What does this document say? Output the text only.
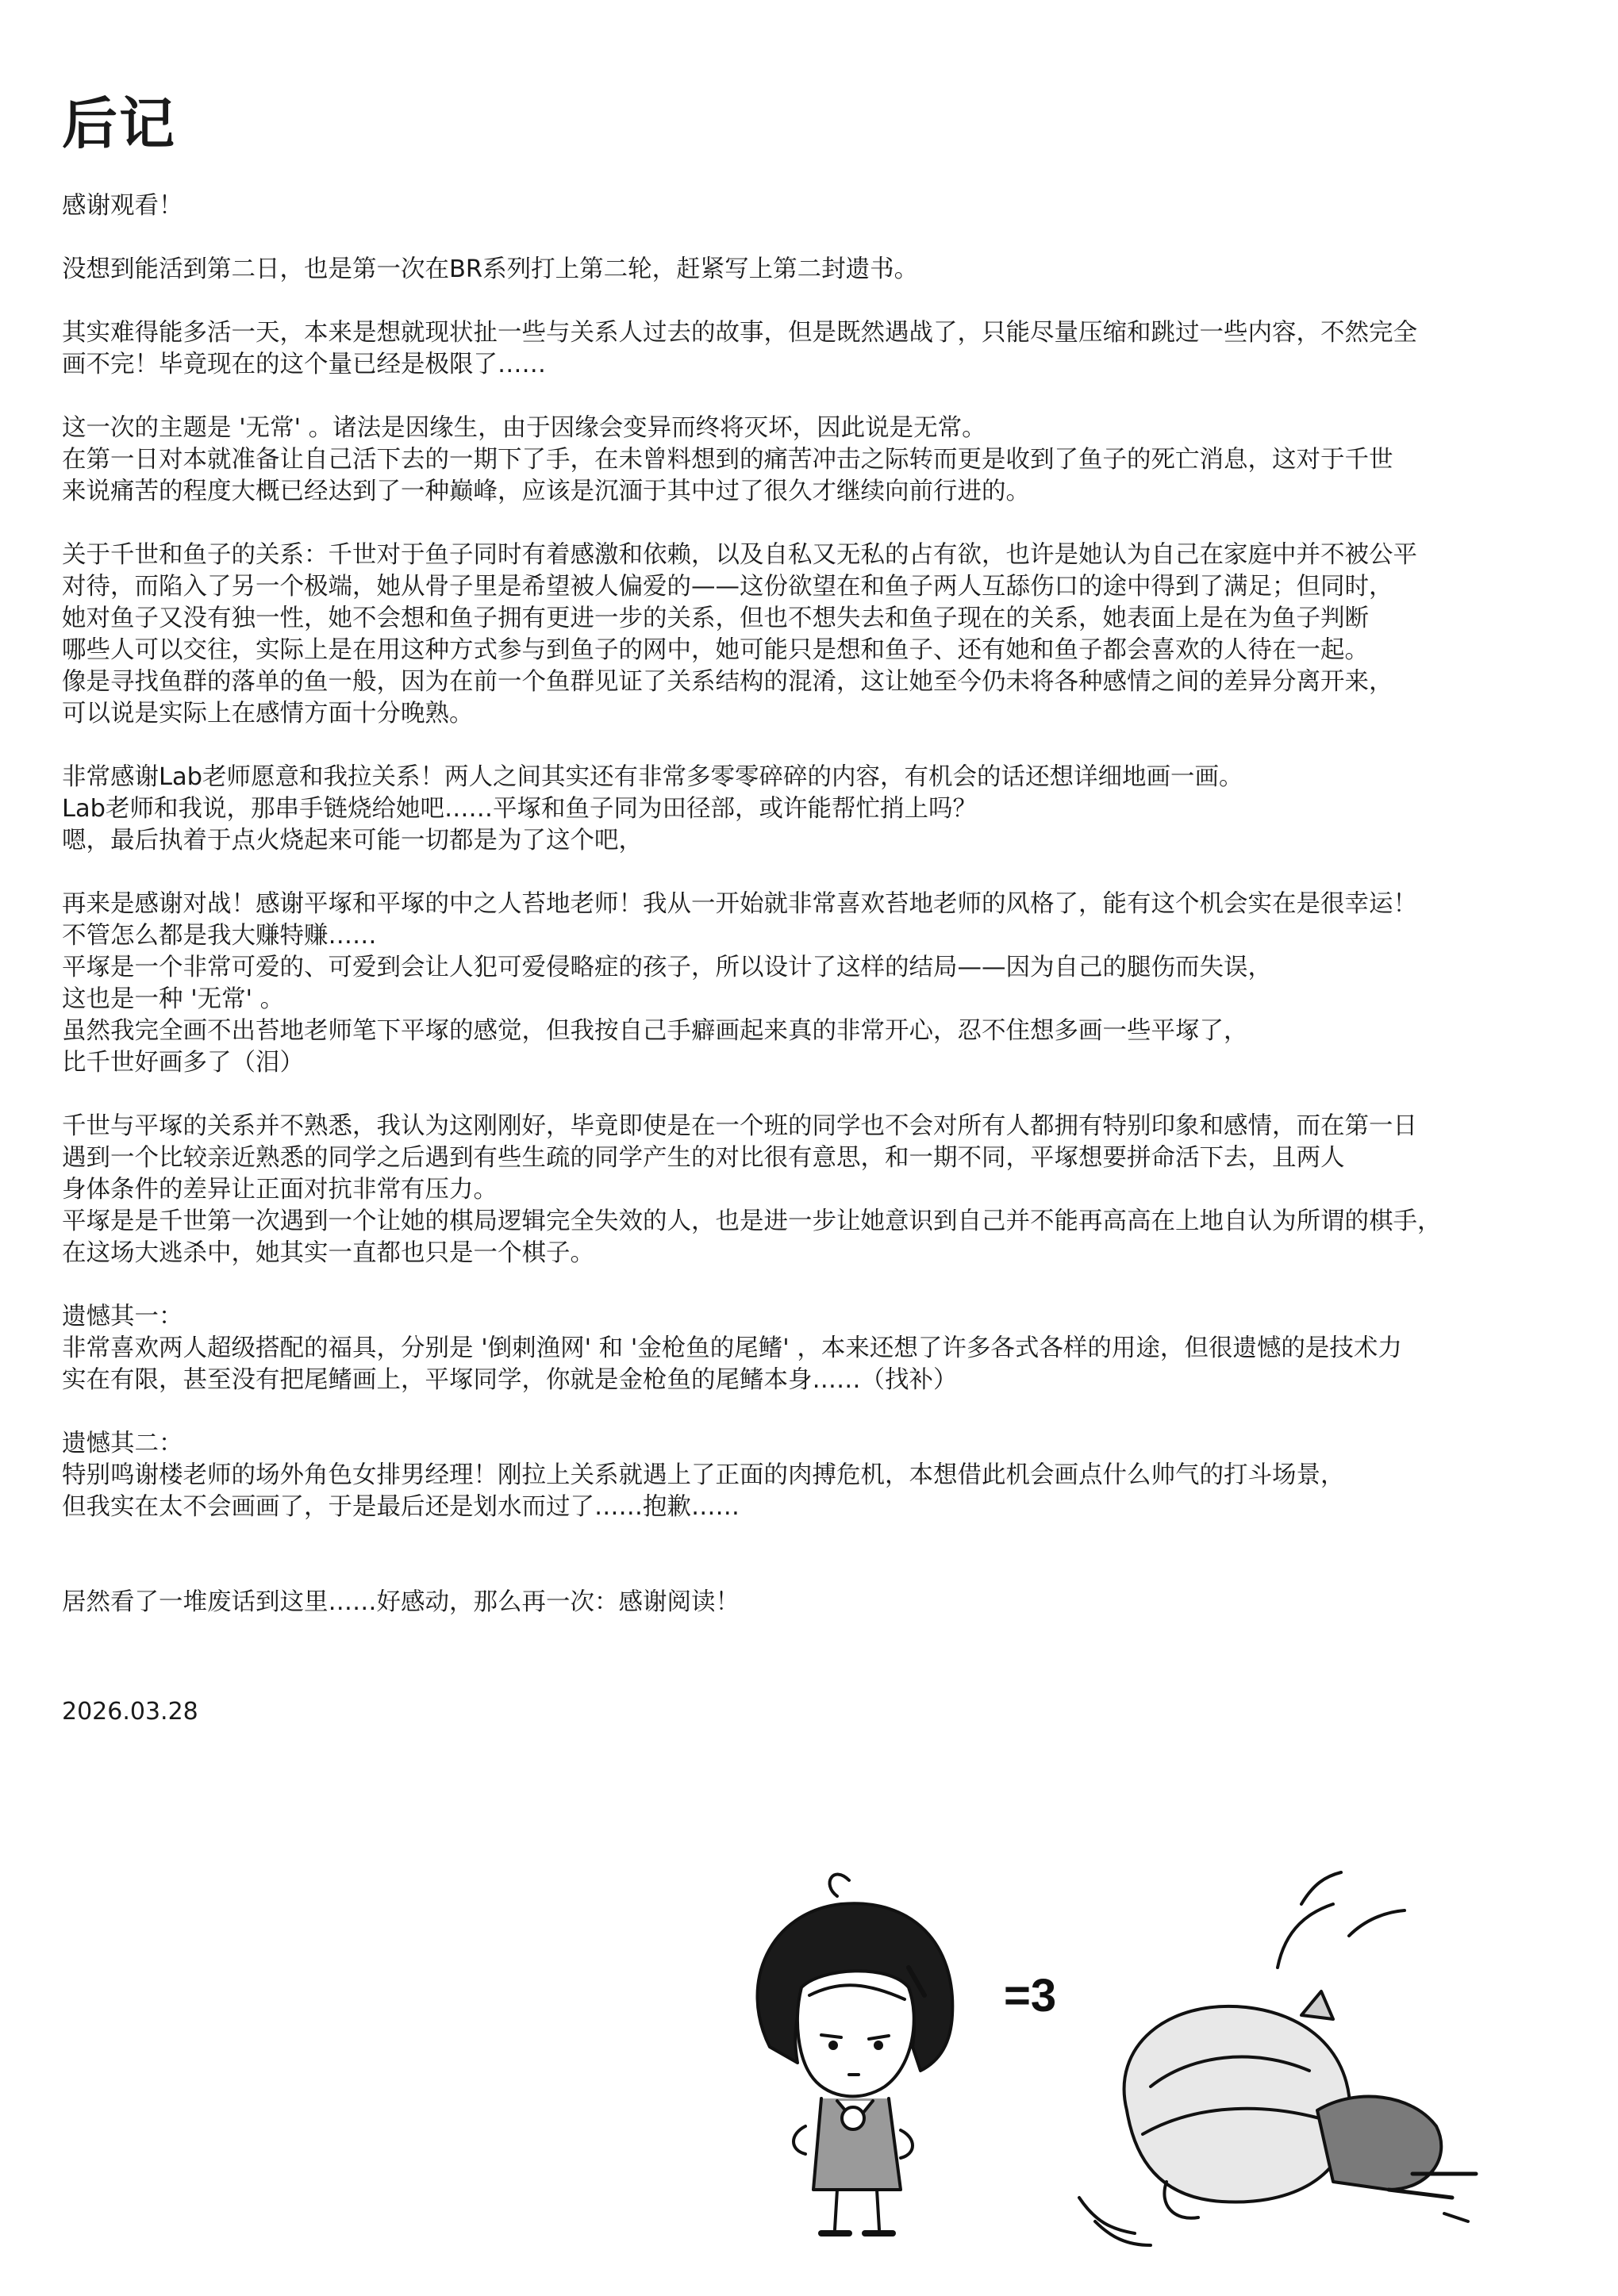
后记
感谢观看！
没想到能活到第二日，也是第一次在BR系列打上第二轮，赶紧写上第二封遗书。
其实难得能多活一天，本来是想就现状扯一些与关系人过去的故事，但是既然遇战了，只能尽量压缩和跳过一些内容，不然完全
画不完！毕竟现在的这个量已经是极限了……
这一次的主题是 '无常' 。诸法是因缘生，由于因缘会变异而终将灭坏，因此说是无常。
在第一日对本就准备让自己活下去的一期下了手，在未曾料想到的痛苦冲击之际转而更是收到了鱼子的死亡消息，这对于千世
来说痛苦的程度大概已经达到了一种巅峰，应该是沉湎于其中过了很久才继续向前行进的。
关于千世和鱼子的关系：千世对于鱼子同时有着感激和依赖，以及自私又无私的占有欲，也许是她认为自己在家庭中并不被公平
对待，而陷入了另一个极端，她从骨子里是希望被人偏爱的——这份欲望在和鱼子两人互舔伤口的途中得到了满足；但同时，
她对鱼子又没有独一性，她不会想和鱼子拥有更进一步的关系，但也不想失去和鱼子现在的关系，她表面上是在为鱼子判断
哪些人可以交往，实际上是在用这种方式参与到鱼子的网中，她可能只是想和鱼子、还有她和鱼子都会喜欢的人待在一起。
像是寻找鱼群的落单的鱼一般，因为在前一个鱼群见证了关系结构的混淆，这让她至今仍未将各种感情之间的差异分离开来，
可以说是实际上在感情方面十分晚熟。
非常感谢Lab老师愿意和我拉关系！两人之间其实还有非常多零零碎碎的内容，有机会的话还想详细地画一画。
Lab老师和我说，那串手链烧给她吧……平塚和鱼子同为田径部，或许能帮忙捎上吗？
嗯，最后执着于点火烧起来可能一切都是为了这个吧，
再来是感谢对战！感谢平塚和平塚的中之人苔地老师！我从一开始就非常喜欢苔地老师的风格了，能有这个机会实在是很幸运！
不管怎么都是我大赚特赚……
平塚是一个非常可爱的、可爱到会让人犯可爱侵略症的孩子，所以设计了这样的结局——因为自己的腿伤而失误，
这也是一种 '无常' 。
虽然我完全画不出苔地老师笔下平塚的感觉，但我按自己手癖画起来真的非常开心，忍不住想多画一些平塚了，
比千世好画多了（泪）
千世与平塚的关系并不熟悉，我认为这刚刚好，毕竟即使是在一个班的同学也不会对所有人都拥有特别印象和感情，而在第一日
遇到一个比较亲近熟悉的同学之后遇到有些生疏的同学产生的对比很有意思，和一期不同，平塚想要拼命活下去，且两人
身体条件的差异让正面对抗非常有压力。
平塚是是千世第一次遇到一个让她的棋局逻辑完全失效的人，也是进一步让她意识到自己并不能再高高在上地自认为所谓的棋手，
在这场大逃杀中，她其实一直都也只是一个棋子。
遗憾其一：
非常喜欢两人超级搭配的福具，分别是 '倒刺渔网' 和 '金枪鱼的尾鳍' ，本来还想了许多各式各样的用途，但很遗憾的是技术力
实在有限，甚至没有把尾鳍画上，平塚同学，你就是金枪鱼的尾鳍本身……（找补）
遗憾其二：
特别鸣谢楼老师的场外角色女排男经理！刚拉上关系就遇上了正面的肉搏危机，本想借此机会画点什么帅气的打斗场景，
但我实在太不会画画了，于是最后还是划水而过了……抱歉……
居然看了一堆废话到这里……好感动，那么再一次：感谢阅读！
2026.03.28
=3
